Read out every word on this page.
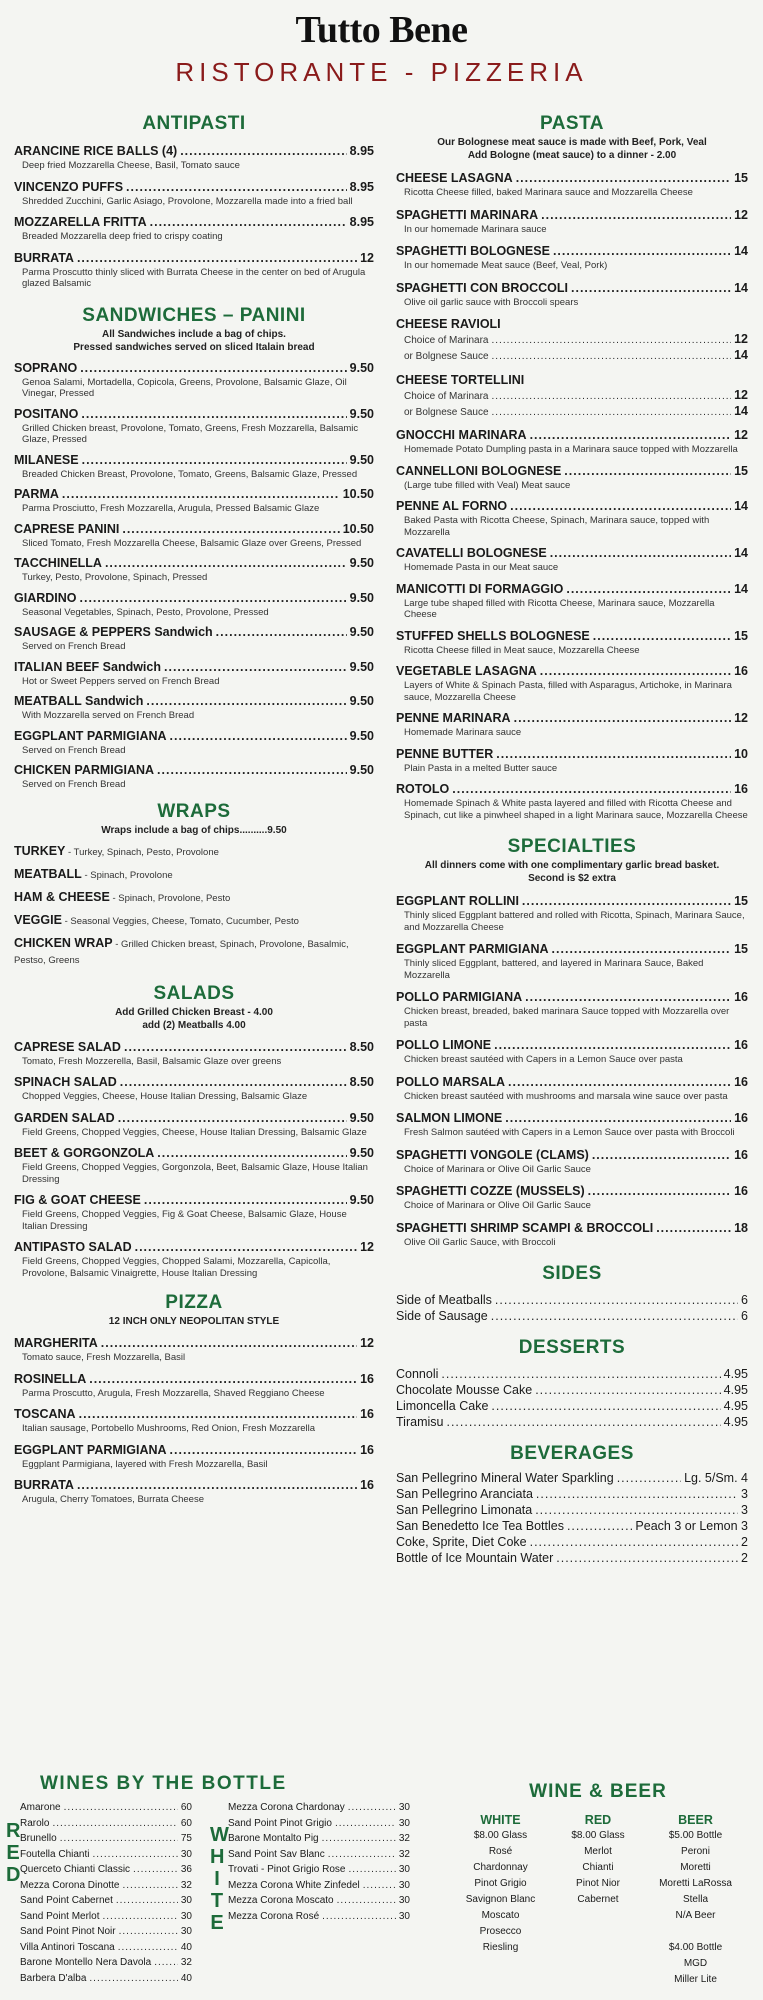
Tutto Bene
RISTORANTE - PIZZERIA
ANTIPASTI
ARANCINE RICE BALLS (4) .....	8.95
Deep fried Mozzarella Cheese, Basil, Tomato sauce
VINCENZO PUFFS .....	8.95
Shredded Zucchini, Garlic Asiago, Provolone, Mozzarella made into a fried ball
MOZZARELLA FRITTA .....	8.95
Breaded Mozzarella deep fried to crispy coating
BURRATA .....	12
Parma Proscutto thinly sliced with Burrata Cheese in the center on bed of Arugula glazed Balsamic
SANDWICHES – PANINI
All Sandwiches include a bag of chips.
Pressed sandwiches served on sliced Italain bread
SOPRANO .....	9.50
Genoa Salami, Mortadella, Copicola, Greens, Provolone, Balsamic Glaze, Oil Vinegar, Pressed
POSITANO .....	9.50
Grilled Chicken breast, Provolone, Tomato, Greens, Fresh Mozzarella, Balsamic Glaze, Pressed
MILANESE .....	9.50
Breaded Chicken Breast, Provolone, Tomato, Greens, Balsamic Glaze, Pressed
PARMA .....	10.50
Parma Prosciutto, Fresh Mozzarella, Arugula, Pressed Balsamic Glaze
CAPRESE PANINI .....	10.50
Sliced Tomato, Fresh Mozzarella Cheese, Balsamic Glaze over Greens, Pressed
TACCHINELLA .....	9.50
Turkey, Pesto, Provolone, Spinach, Pressed
GIARDINO .....	9.50
Seasonal Vegetables, Spinach, Pesto, Provolone, Pressed
SAUSAGE & PEPPERS Sandwich .....	9.50
Served on French Bread
ITALIAN BEEF Sandwich .....	9.50
Hot or Sweet Peppers served on French Bread
MEATBALL Sandwich .....	9.50
With Mozzarella served on French Bread
EGGPLANT PARMIGIANA .....	9.50
Served on French Bread
CHICKEN PARMIGIANA .....	9.50
Served on French Bread
WRAPS
Wraps include a bag of chips..........9.50
TURKEY - Turkey, Spinach, Pesto, Provolone
MEATBALL - Spinach, Provolone
HAM & CHEESE - Spinach, Provolone, Pesto
VEGGIE - Seasonal Veggies, Cheese, Tomato, Cucumber, Pesto
CHICKEN WRAP - Grilled Chicken breast, Spinach, Provolone, Basalmic, Pestso, Greens
SALADS
Add Grilled Chicken Breast - 4.00
add (2) Meatballs 4.00
CAPRESE SALAD .....	8.50
Tomato, Fresh Mozzerella, Basil, Balsamic Glaze over greens
SPINACH SALAD .....	8.50
Chopped Veggies, Cheese, House Italian Dressing, Balsamic Glaze
GARDEN SALAD .....	9.50
Field Greens, Chopped Veggies, Cheese, House Italian Dressing, Balsamic Glaze
BEET & GORGONZOLA .....	9.50
Field Greens, Chopped Veggies, Gorgonzola, Beet, Balsamic Glaze, House Italian Dressing
FIG & GOAT CHEESE .....	9.50
Field Greens, Chopped Veggies, Fig & Goat Cheese, Balsamic Glaze, House Italian Dressing
ANTIPASTO SALAD .....	12
Field Greens, Chopped Veggies, Chopped Salami, Mozzarella, Capicolla, Provolone, Balsamic Vinaigrette, House Italian Dressing
PIZZA
12 INCH ONLY NEOPOLITAN STYLE
MARGHERITA .....	12
Tomato sauce, Fresh Mozzarella, Basil
ROSINELLA .....	16
Parma Proscutto, Arugula, Fresh Mozzarella, Shaved Reggiano Cheese
TOSCANA .....	16
Italian sausage, Portobello Mushrooms, Red Onion, Fresh Mozzarella
EGGPLANT PARMIGIANA .....	16
Eggplant Parmigiana, layered with Fresh Mozzarella, Basil
BURRATA .....	16
Arugula, Cherry Tomatoes, Burrata Cheese
PASTA
Our Bolognese meat sauce is made with Beef, Pork, Veal
Add Bologne (meat sauce) to a dinner - 2.00
CHEESE LASAGNA .....	15
Ricotta Cheese filled, baked Marinara sauce and Mozzarella Cheese
SPAGHETTI MARINARA .....	12
In our homemade Marinara sauce
SPAGHETTI BOLOGNESE .....	14
In our homemade Meat sauce (Beef, Veal, Pork)
SPAGHETTI CON BROCCOLI .....	14
Olive oil garlic sauce with Broccoli spears
CHEESE RAVIOLI
Choice of Marinara .....	12
or Bolgnese Sauce .....	14
CHEESE TORTELLINI
Choice of Marinara .....	12
or Bolgnese Sauce .....	14
GNOCCHI MARINARA .....	12
Homemade Potato Dumpling pasta in a Marinara sauce topped with Mozzarella
CANNELLONI BOLOGNESE .....	15
(Large tube filled with Veal) Meat sauce
PENNE AL FORNO .....	14
Baked Pasta with Ricotta Cheese, Spinach, Marinara sauce, topped with Mozzarella
CAVATELLI BOLOGNESE .....	14
Homemade Pasta in our Meat sauce
MANICOTTI DI FORMAGGIO .....	14
Large tube shaped filled with Ricotta Cheese, Marinara sauce, Mozzarella Cheese
STUFFED SHELLS BOLOGNESE .....	15
Ricotta Cheese filled in Meat sauce, Mozzarella Cheese
VEGETABLE LASAGNA .....	16
Layers of White & Spinach Pasta, filled with Asparagus, Artichoke, in Marinara sauce, Mozzarella Cheese
PENNE MARINARA .....	12
Homemade Marinara sauce
PENNE BUTTER .....	10
Plain Pasta in a melted Butter sauce
ROTOLO .....	16
Homemade Spinach & White pasta layered and filled with Ricotta Cheese and Spinach, cut like a pinwheel shaped in a light Marinara sauce, Mozzarella Cheese
SPECIALTIES
All dinners come with one complimentary garlic bread basket.
Second is $2 extra
EGGPLANT ROLLINI .....	15
Thinly sliced Eggplant battered and rolled with Ricotta, Spinach, Marinara Sauce, and Mozzarella Cheese
EGGPLANT PARMIGIANA .....	15
Thinly sliced Eggplant, battered, and layered in Marinara Sauce, Baked Mozzarella
POLLO PARMIGIANA .....	16
Chicken breast, breaded, baked marinara Sauce topped with Mozzarella over pasta
POLLO LIMONE .....	16
Chicken breast sautéed with Capers in a Lemon Sauce over pasta
POLLO MARSALA .....	16
Chicken breast sautéed with mushrooms and marsala wine sauce over pasta
SALMON LIMONE .....	16
Fresh Salmon sautéed with Capers in a Lemon Sauce over pasta with Broccoli
SPAGHETTI VONGOLE (CLAMS) .....	16
Choice of Marinara or Olive Oil Garlic Sauce
SPAGHETTI COZZE (MUSSELS) .....	16
Choice of Marinara or Olive Oil Garlic Sauce
SPAGHETTI SHRIMP SCAMPI & BROCCOLI .....	18
Olive Oil Garlic Sauce, with Broccoli
SIDES
Side of Meatballs .....	6
Side of Sausage .....	6
DESSERTS
Connoli .....	4.95
Chocolate Mousse Cake .....	4.95
Limoncella Cake .....	4.95
Tiramisu .....	4.95
BEVERAGES
San Pellegrino Mineral Water Sparkling .....	Lg. 5/Sm. 4
San Pellegrino Aranciata .....	3
San Pellegrino Limonata .....	3
San Benedetto Ice Tea Bottles .....	Peach 3 or Lemon 3
Coke, Sprite, Diet Coke .....	2
Bottle of Ice Mountain Water .....	2
WINES BY THE BOTTLE
RED
Amarone .....	60
Rarolo .....	60
Brunello .....	75
Foutella Chianti .....	30
Querceto Chianti Classic .....	36
Mezza Corona Dinotte .....	32
Sand Point Cabernet .....	30
Sand Point Merlot .....	30
Sand Point Pinot Noir .....	30
Villa Antinori Toscana .....	40
Barone Montello Nera Davola .....	32
Barbera D'alba .....	40
WHITE
Mezza Corona Chardonay .....	30
Sand Point Pinot Grigio .....	30
Barone Montalto Pig .....	32
Sand Point Sav Blanc .....	32
Trovati - Pinot Grigio Rose .....	30
Mezza Corona White Zinfedel .....	30
Mezza Corona Moscato .....	30
Mezza Corona Rosé .....	30
WINE & BEER
WHITE
$8.00 Glass
Rosé
Chardonnay
Pinot Grigio
Savignon Blanc
Moscato
Prosecco
Riesling
RED
$8.00 Glass
Merlot
Chianti
Pinot Nior
Cabernet
BEER
$5.00 Bottle
Peroni
Moretti
Moretti LaRossa
Stella
N/A Beer
$4.00 Bottle
MGD
Miller Lite
